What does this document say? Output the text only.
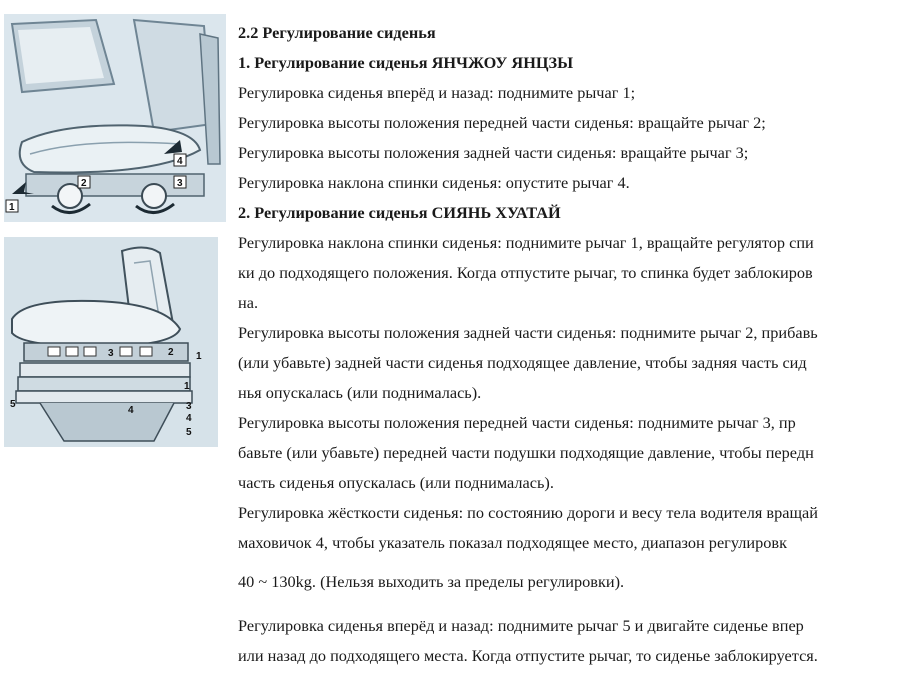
1
2	3
4
3	2 1
1
3
4
5
5
4
2.2 Регулирование сиденья
1. Регулирование сиденья ЯНЧЖОУ ЯНЦЗЫ
Регулировка сиденья вперёд и назад: поднимите рычаг 1;
Регулировка высоты положения передней части сиденья: вращайте рычаг 2;
Регулировка высоты положения задней части сиденья: вращайте рычаг 3;
Регулировка наклона спинки сиденья: опустите рычаг 4.
2. Регулирование сиденья СИЯНЬ ХУАТАЙ
Регулировка наклона спинки сиденья: поднимите рычаг 1, вращайте регулятор спи
ки до подходящего положения. Когда отпустите рычаг, то спинка будет заблокиров
на.
Регулировка высоты положения задней части сиденья: поднимите рычаг 2, прибавь
(или убавьте) задней части сиденья подходящее давление, чтобы задняя часть сид
нья опускалась (или поднималась).
Регулировка высоты положения передней части сиденья: поднимите рычаг 3, пр
бавьте (или убавьте) передней части подушки подходящие давление, чтобы передн
часть сиденья опускалась (или поднималась).
Регулировка жёсткости сиденья: по состоянию дороги и весу тела водителя вращай
маховичок 4, чтобы указатель показал подходящее место, диапазон регулировк
40 ~ 130kg. (Нельзя выходить за пределы регулировки).
Регулировка сиденья вперёд и назад: поднимите рычаг 5 и двигайте сиденье впер
или назад до подходящего места. Когда отпустите рычаг, то сиденье заблокируется.
